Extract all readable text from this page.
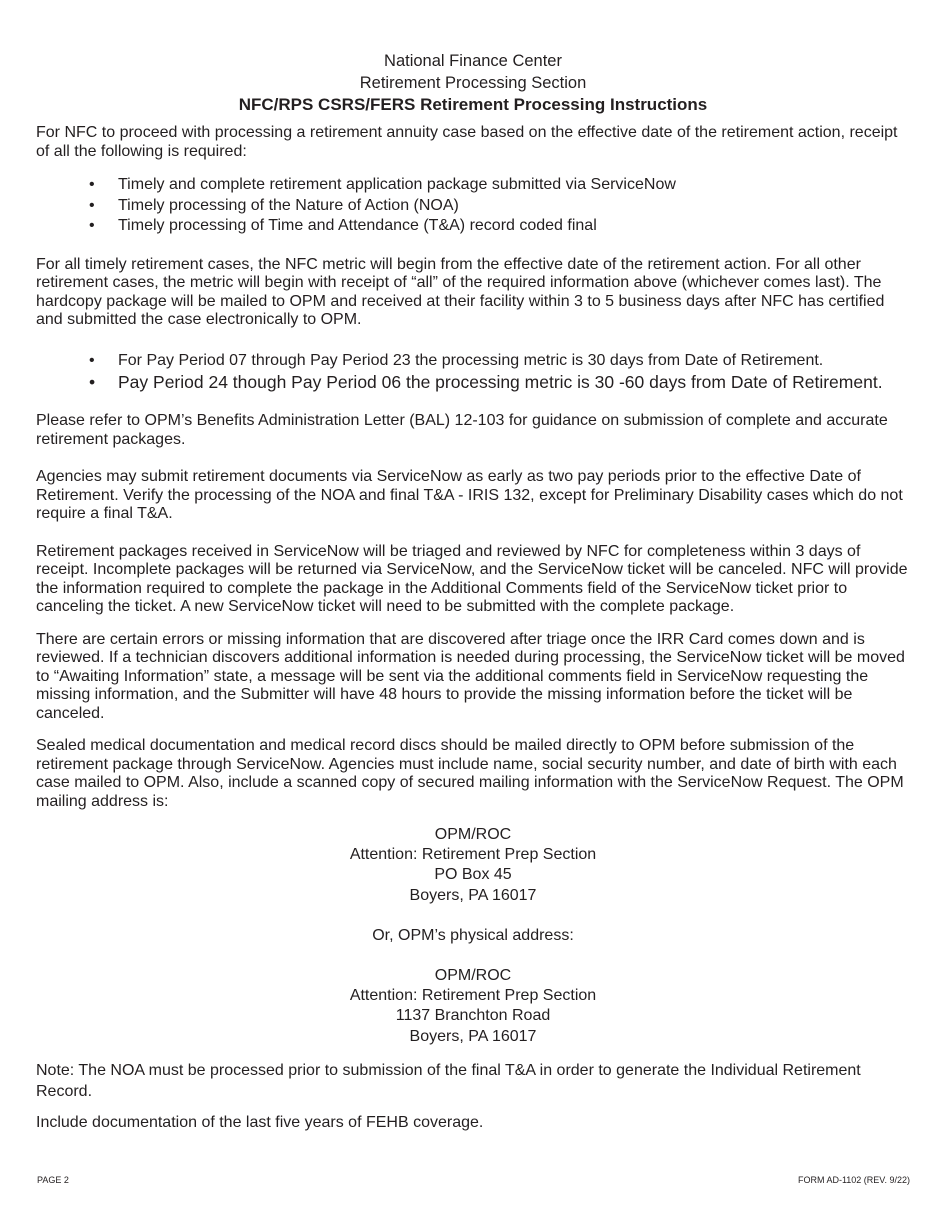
National Finance Center
Retirement Processing Section
NFC/RPS CSRS/FERS Retirement Processing Instructions

For NFC to proceed with processing a retirement annuity case based on the effective date of the retirement action, receipt of all the following is required:

• Timely and complete retirement application package submitted via ServiceNow
• Timely processing of the Nature of Action (NOA)
• Timely processing of Time and Attendance (T&A) record coded final

For all timely retirement cases, the NFC metric will begin from the effective date of the retirement action. For all other retirement cases, the metric will begin with receipt of “all” of the required information above (whichever comes last). The hardcopy package will be mailed to OPM and received at their facility within 3 to 5 business days after NFC has certified and submitted the case electronically to OPM.

• For Pay Period 07 through Pay Period 23 the processing metric is 30 days from Date of Retirement.
• Pay Period 24 though Pay Period 06 the processing metric is 30 -60 days from Date of Retirement.

Please refer to OPM’s Benefits Administration Letter (BAL) 12-103 for guidance on submission of complete and accurate retirement packages.

Agencies may submit retirement documents via ServiceNow as early as two pay periods prior to the effective Date of Retirement. Verify the processing of the NOA and final T&A - IRIS 132, except for Preliminary Disability cases which do not require a final T&A.

Retirement packages received in ServiceNow will be triaged and reviewed by NFC for completeness within 3 days of receipt. Incomplete packages will be returned via ServiceNow, and the ServiceNow ticket will be canceled. NFC will provide the information required to complete the package in the Additional Comments field of the ServiceNow ticket prior to canceling the ticket. A new ServiceNow ticket will need to be submitted with the complete package.

There are certain errors or missing information that are discovered after triage once the IRR Card comes down and is reviewed. If a technician discovers additional information is needed during processing, the ServiceNow ticket will be moved to “Awaiting Information” state, a message will be sent via the additional comments field in ServiceNow requesting the missing information, and the Submitter will have 48 hours to provide the missing information before the ticket will be canceled.

Sealed medical documentation and medical record discs should be mailed directly to OPM before submission of the retirement package through ServiceNow. Agencies must include name, social security number, and date of birth with each case mailed to OPM. Also, include a scanned copy of secured mailing information with the ServiceNow Request. The OPM mailing address is:

OPM/ROC
Attention: Retirement Prep Section
PO Box 45
Boyers, PA 16017
Or, OPM’s physical address:
OPM/ROC
Attention: Retirement Prep Section
1137 Branchton Road
Boyers, PA 16017

Note: The NOA must be processed prior to submission of the final T&A in order to generate the Individual Retirement Record.

Include documentation of the last five years of FEHB coverage.

PAGE 2	FORM AD-1102 (REV. 9/22)
